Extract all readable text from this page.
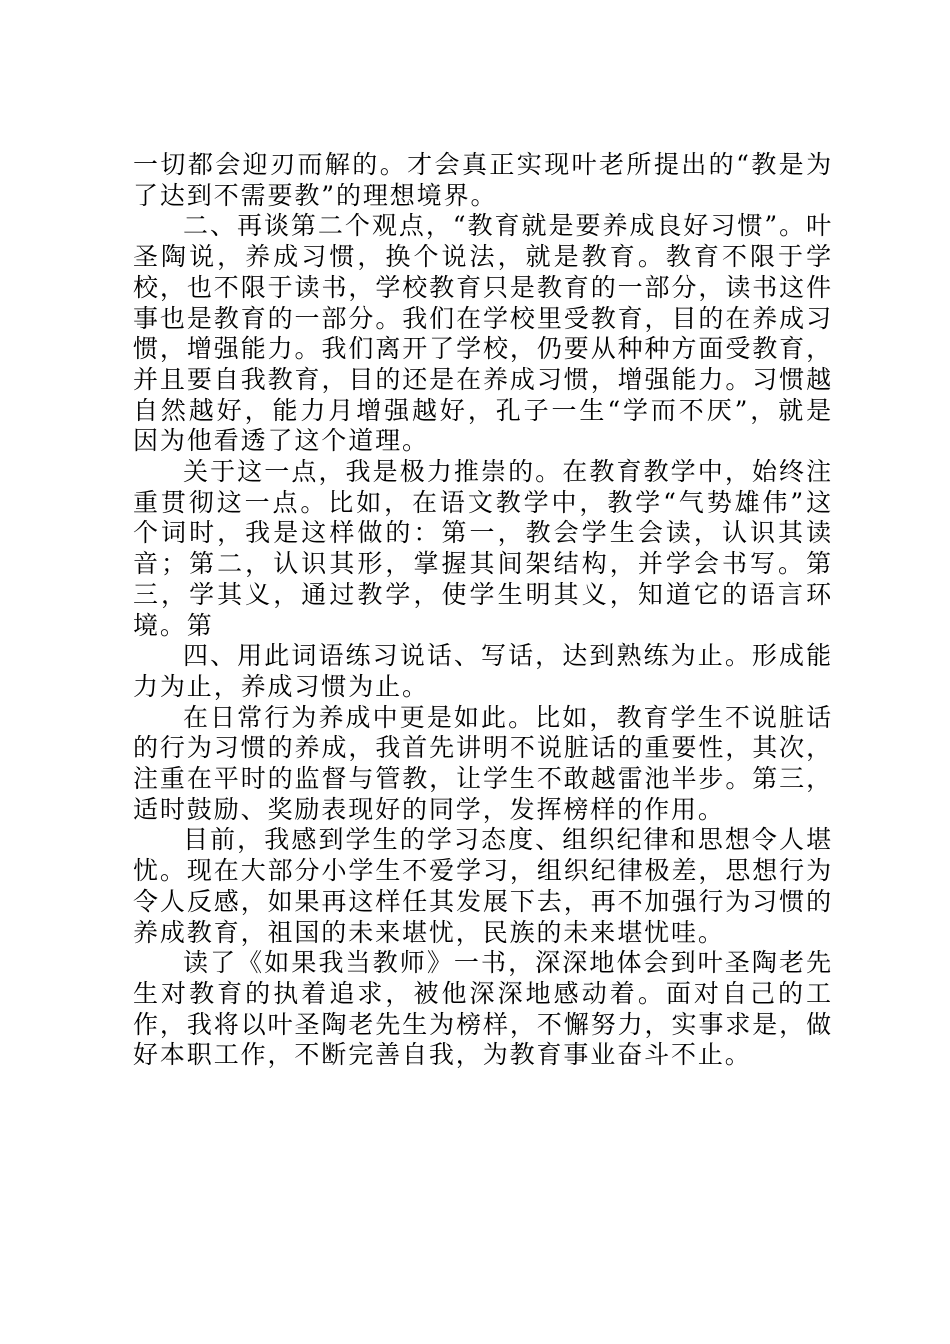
一切都会迎刃而解的。才会真正实现叶老所提出的“教是为了达到不需要教”的理想境界。

二、再谈第二个观点，“教育就是要养成良好习惯”。叶圣陶说，养成习惯，换个说法，就是教育。教育不限于学校，也不限于读书，学校教育只是教育的一部分，读书这件事也是教育的一部分。我们在学校里受教育，目的在养成习惯，增强能力。我们离开了学校，仍要从种种方面受教育，并且要自我教育，目的还是在养成习惯，增强能力。习惯越自然越好，能力月增强越好，孔子一生“学而不厌”，就是因为他看透了这个道理。

关于这一点，我是极力推崇的。在教育教学中，始终注重贯彻这一点。比如，在语文教学中，教学“气势雄伟”这个词时，我是这样做的：第一，教会学生会读，认识其读音；第二，认识其形，掌握其间架结构，并学会书写。第三，学其义，通过教学，使学生明其义，知道它的语言环境。第

四、用此词语练习说话、写话，达到熟练为止。形成能力为止，养成习惯为止。

在日常行为养成中更是如此。比如，教育学生不说脏话的行为习惯的养成，我首先讲明不说脏话的重要性，其次，注重在平时的监督与管教，让学生不敢越雷池半步。第三，适时鼓励、奖励表现好的同学，发挥榜样的作用。

目前，我感到学生的学习态度、组织纪律和思想令人堪忧。现在大部分小学生不爱学习，组织纪律极差，思想行为令人反感，如果再这样任其发展下去，再不加强行为习惯的养成教育，祖国的未来堪忧，民族的未来堪忧哇。

读了《如果我当教师》一书，深深地体会到叶圣陶老先生对教育的执着追求，被他深深地感动着。面对自己的工作，我将以叶圣陶老先生为榜样，不懈努力，实事求是，做好本职工作，不断完善自我，为教育事业奋斗不止。
